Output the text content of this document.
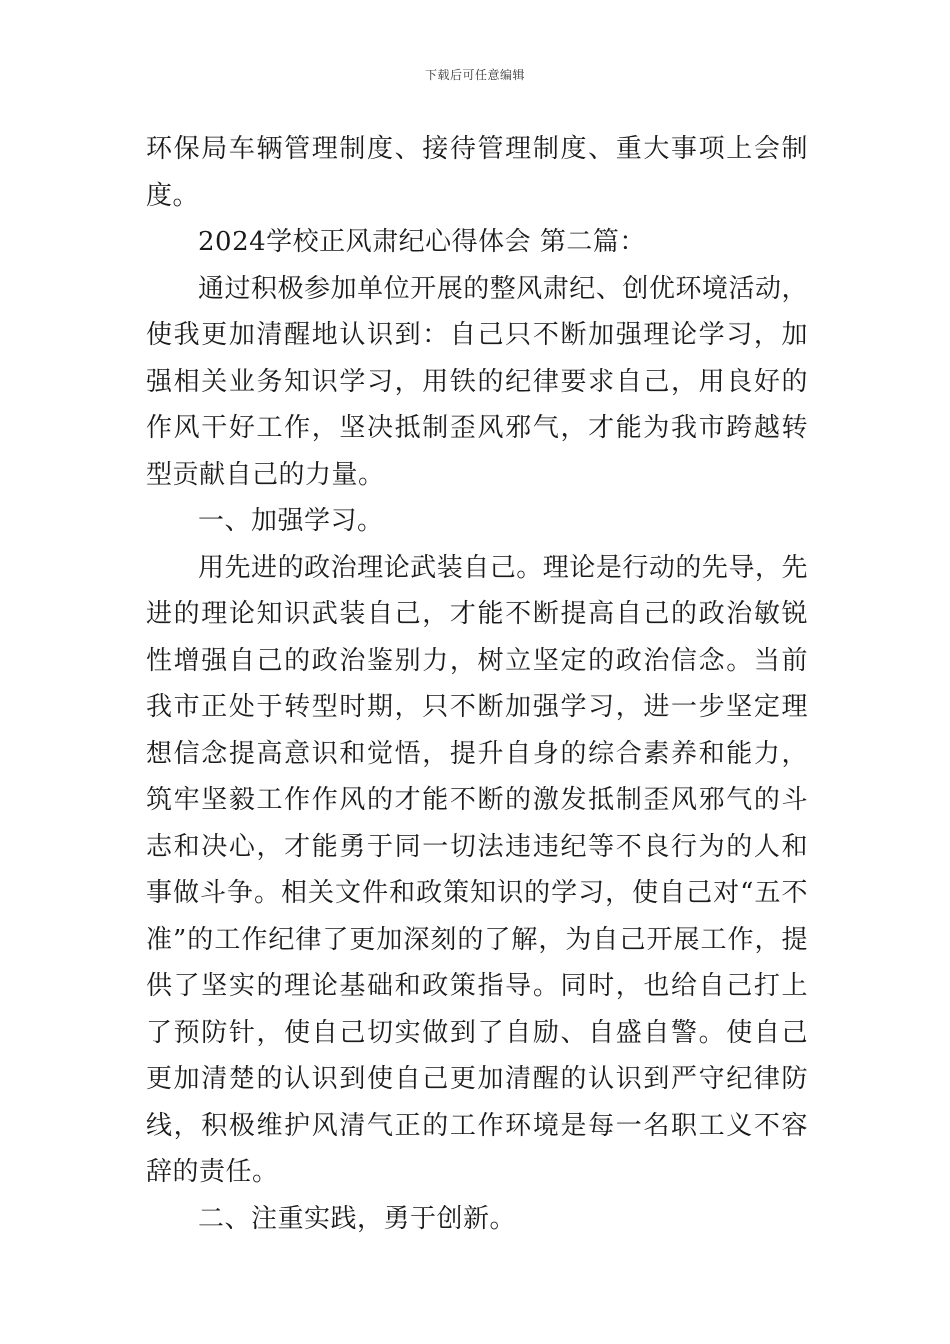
下载后可任意编辑

环保局车辆管理制度、接待管理制度、重大事项上会制度。

2024学校正风肃纪心得体会 第二篇：

通过积极参加单位开展的整风肃纪、创优环境活动，使我更加清醒地认识到：自己只不断加强理论学习，加强相关业务知识学习，用铁的纪律要求自己，用良好的作风干好工作，坚决抵制歪风邪气，才能为我市跨越转型贡献自己的力量。

一、加强学习。

用先进的政治理论武装自己。理论是行动的先导，先进的理论知识武装自己，才能不断提高自己的政治敏锐性增强自己的政治鉴别力，树立坚定的政治信念。当前我市正处于转型时期，只不断加强学习，进一步坚定理想信念提高意识和觉悟，提升自身的综合素养和能力，筑牢坚毅工作作风的才能不断的激发抵制歪风邪气的斗志和决心，才能勇于同一切法违违纪等不良行为的人和事做斗争。相关文件和政策知识的学习，使自己对“五不准”的工作纪律了更加深刻的了解，为自己开展工作，提供了坚实的理论基础和政策指导。同时，也给自己打上了预防针，使自己切实做到了自励、自盛自警。使自己更加清楚的认识到使自己更加清醒的认识到严守纪律防线，积极维护风清气正的工作环境是每一名职工义不容辞的责任。

二、注重实践，勇于创新。
